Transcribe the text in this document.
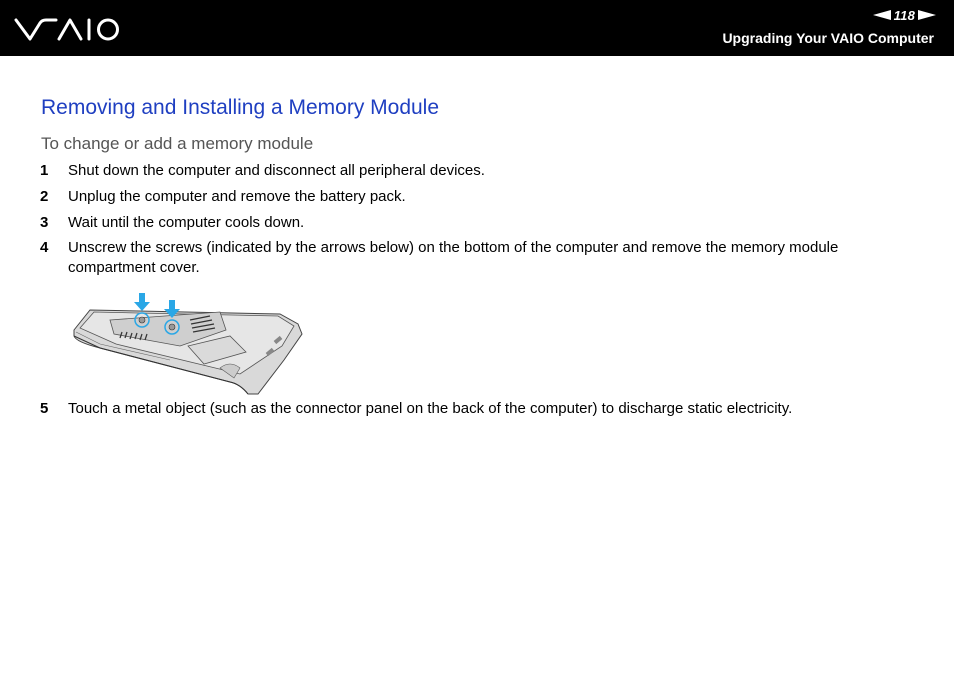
118
Upgrading Your VAIO Computer
Removing and Installing a Memory Module
To change or add a memory module
1 Shut down the computer and disconnect all peripheral devices.
2 Unplug the computer and remove the battery pack.
3 Wait until the computer cools down.
4 Unscrew the screws (indicated by the arrows below) on the bottom of the computer and remove the memory module compartment cover.
5 Touch a metal object (such as the connector panel on the back of the computer) to discharge static electricity.
